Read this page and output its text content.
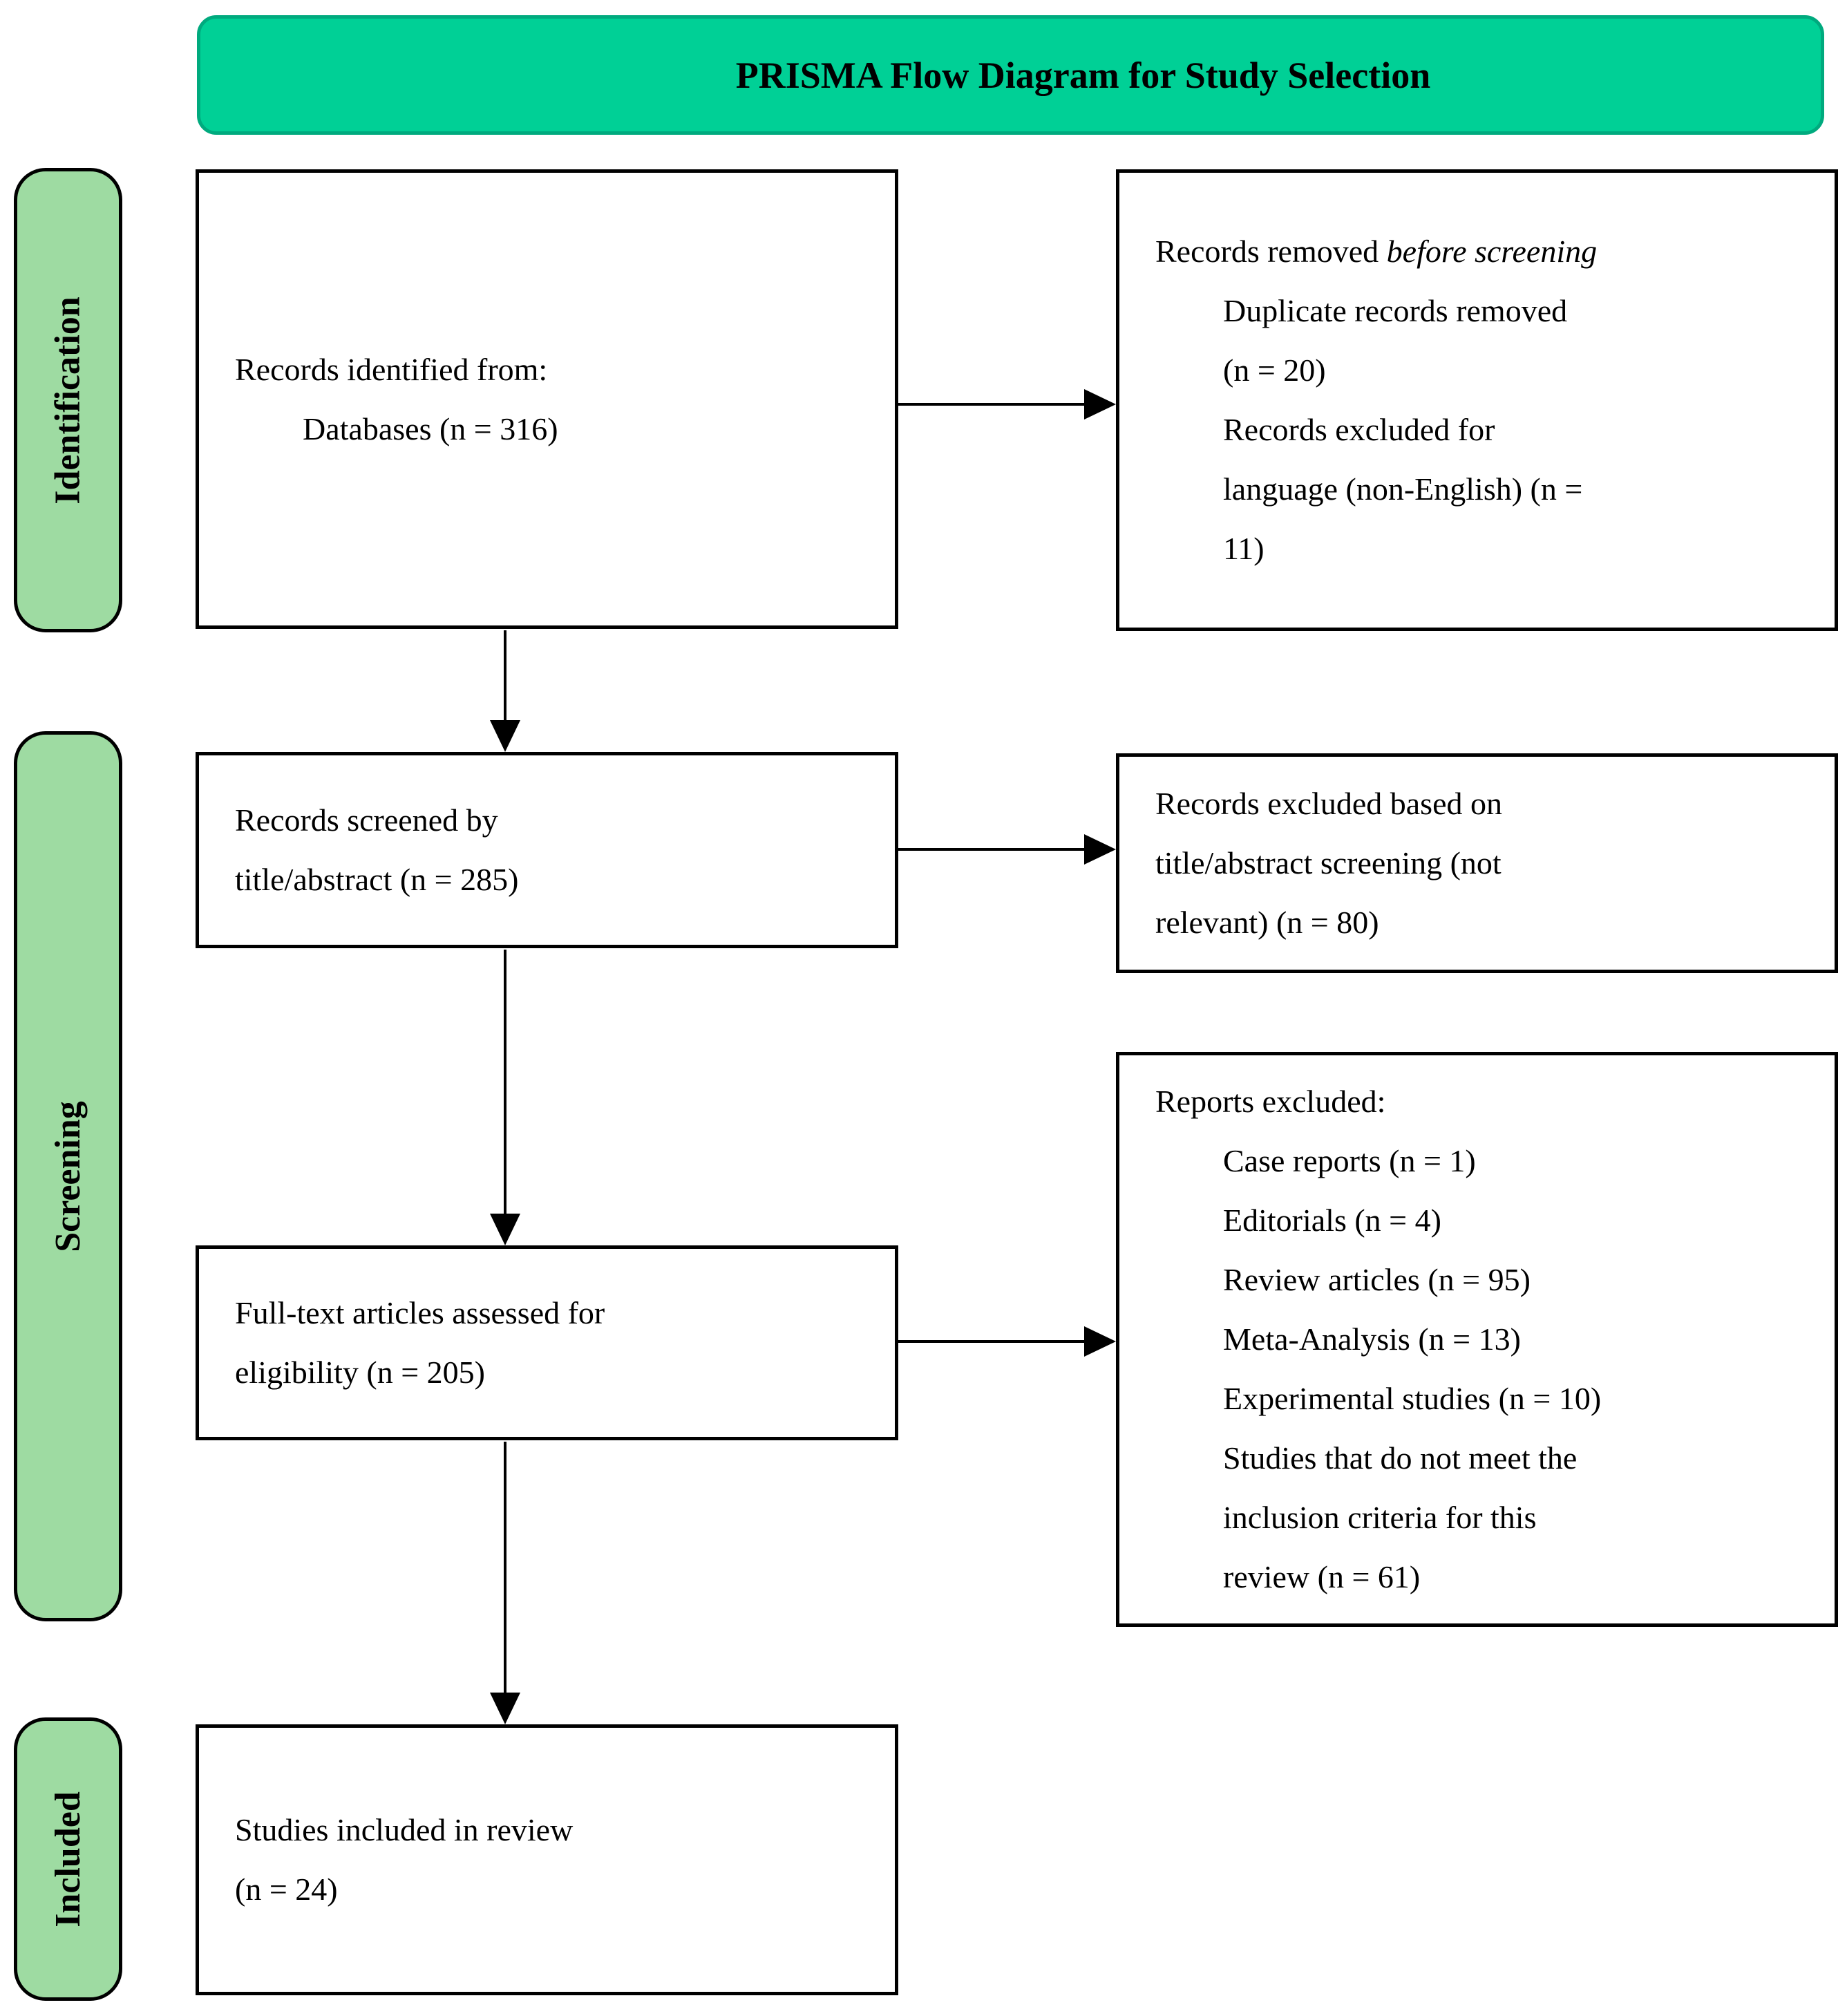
PRISMA Flow Diagram for Study Selection
Identification
Screening
Included
Records identified from:
Databases (n = 316)
Records removed before screening
Duplicate records removed
(n = 20)
Records excluded for
language (non-English) (n =
11)
Records screened by
title/abstract (n = 285)
Records excluded based on
title/abstract screening (not
relevant) (n = 80)
Full-text articles assessed for
eligibility (n = 205)
Reports excluded:
Case reports (n = 1)
Editorials (n = 4)
Review articles (n = 95)
Meta-Analysis (n = 13)
Experimental studies (n = 10)
Studies that do not meet the
inclusion criteria for this
review (n = 61)
Studies included in review
(n = 24)
